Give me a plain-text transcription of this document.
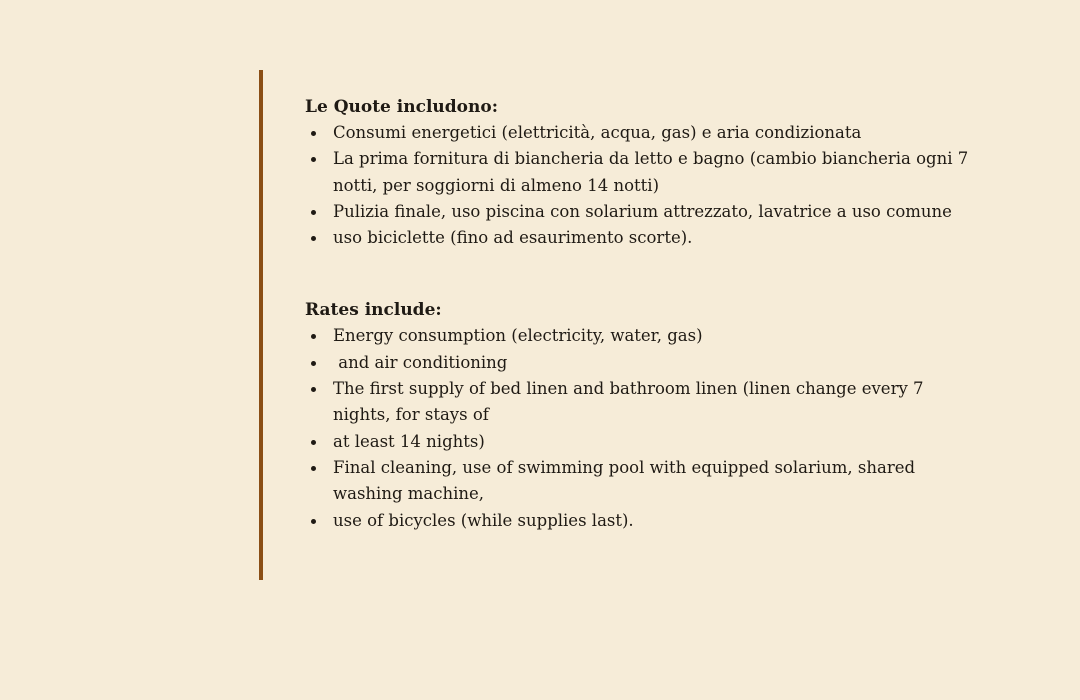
Le Quote includono:

Consumi energetici (elettricità, acqua, gas) e aria condizionata
La prima fornitura di biancheria da letto e bagno (cambio biancheria ogni 7 notti, per soggiorni di almeno 14 notti)
Pulizia finale, uso piscina con solarium attrezzato, lavatrice a uso comune
uso biciclette (fino ad esaurimento scorte).

Rates include:

Energy consumption (electricity, water, gas)
and air conditioning
The first supply of bed linen and bathroom linen (linen change every 7 nights, for stays of
at least 14 nights)
Final cleaning, use of swimming pool with equipped solarium, shared washing machine,
use of bicycles (while supplies last).
